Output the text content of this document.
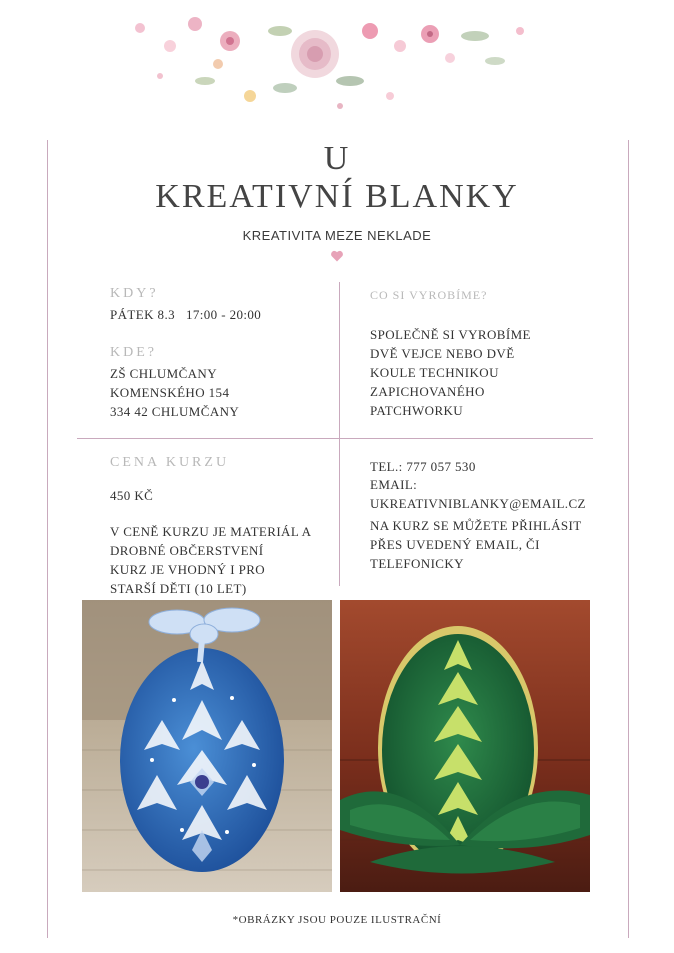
U
KREATIVNÍ BLANKY
KREATIVITA MEZE NEKLADE
KDY?
PÁTEK 8.3   17:00 - 20:00
KDE?
ZŠ CHLUMČANY
KOMENSKÉHO 154
334 42 CHLUMČANY
CO SI VYROBÍME?
SPOLEČNĚ SI VYROBÍME
DVĚ VEJCE NEBO DVĚ
KOULE TECHNIKOU
ZAPICHOVANÉHO
PATCHWORKU
CENA KURZU
450 KČ
V CENĚ KURZU JE MATERIÁL A
DROBNÉ OBČERSTVENÍ
KURZ JE VHODNÝ I PRO
STARŠÍ DĚTI (10 LET)
TEL.: 777 057 530
EMAIL:
UKREATIVNIBLANKY@EMAIL.CZ
NA KURZ SE MŮŽETE PŘIHLÁSIT
PŘES UVEDENÝ EMAIL, ČI
TELEFONICKY
*OBRÁZKY JSOU POUZE ILUSTRAČNÍ
